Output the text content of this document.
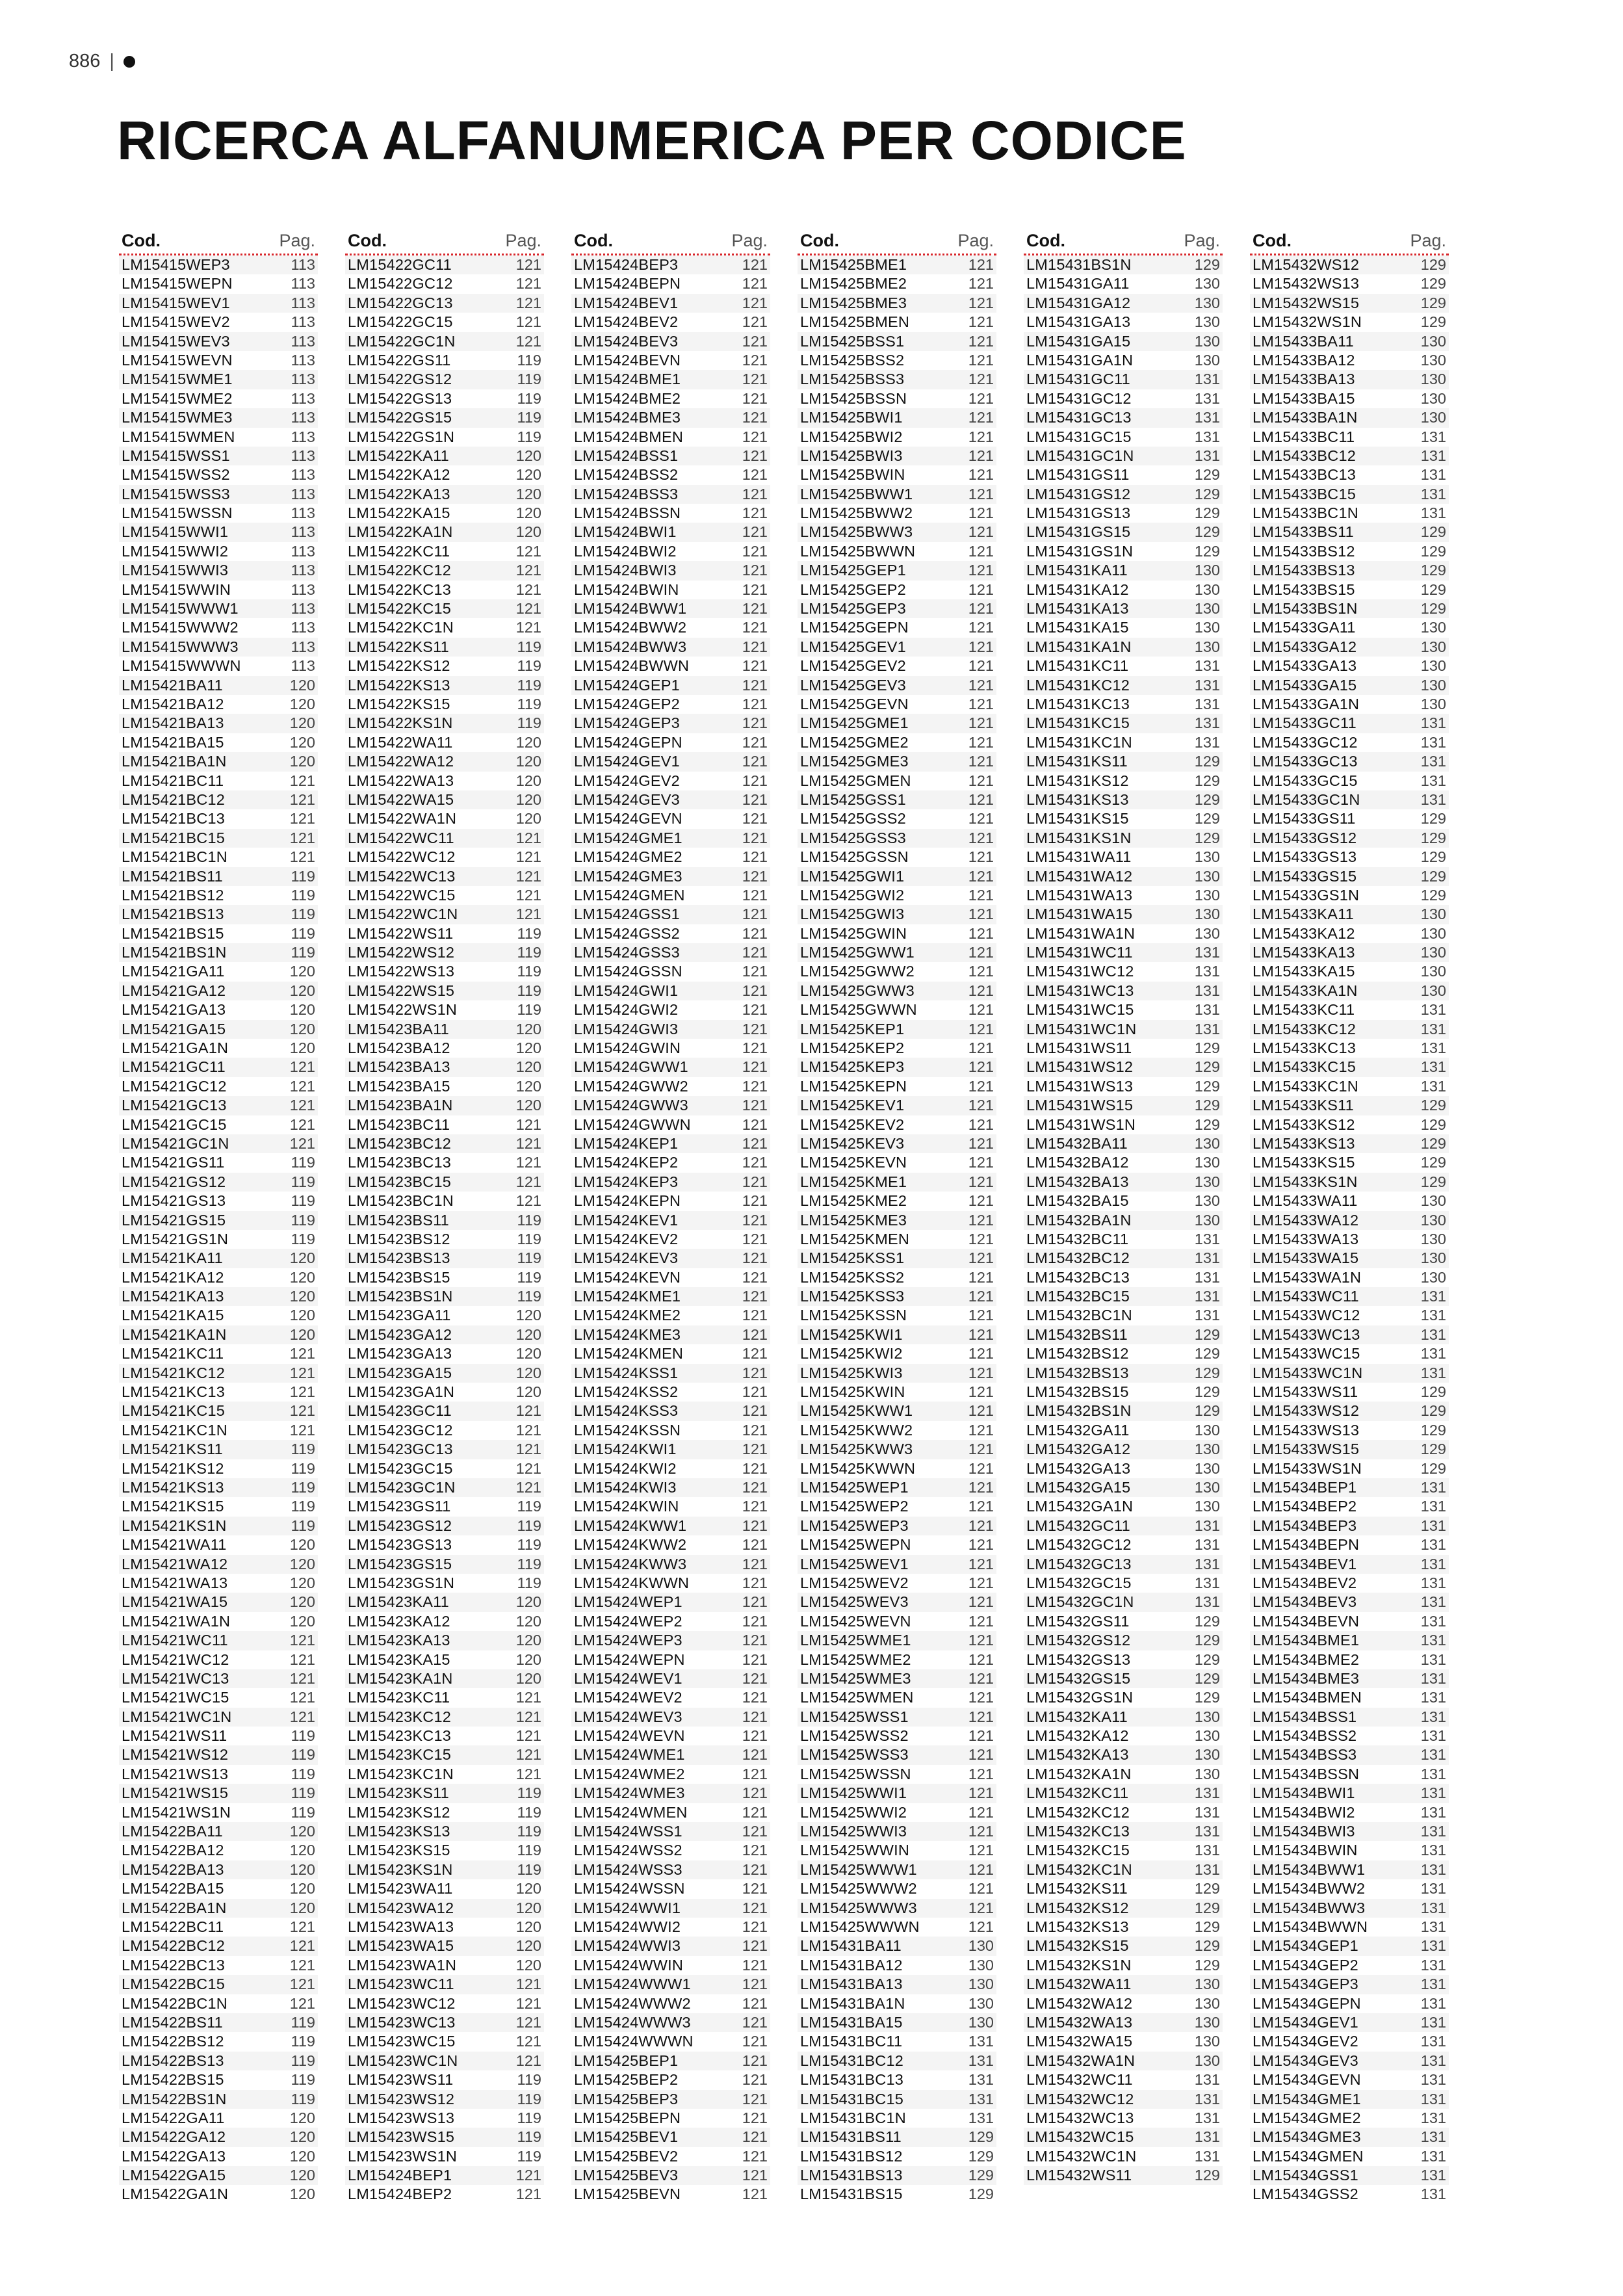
886 |
RICERCA ALFANUMERICA PER CODICE
Cod.	Pag.
LM15415WEP3	113
LM15415WEPN	113
LM15415WEV1	113
LM15415WEV2	113
LM15415WEV3	113
LM15415WEVN	113
LM15415WME1	113
LM15415WME2	113
LM15415WME3	113
LM15415WMEN	113
LM15415WSS1	113
LM15415WSS2	113
LM15415WSS3	113
LM15415WSSN	113
LM15415WWI1	113
LM15415WWI2	113
LM15415WWI3	113
LM15415WWIN	113
LM15415WWW1	113
LM15415WWW2	113
LM15415WWW3	113
LM15415WWWN	113
LM15421BA11	120
LM15421BA12	120
LM15421BA13	120
LM15421BA15	120
LM15421BA1N	120
LM15421BC11	121
LM15421BC12	121
LM15421BC13	121
LM15421BC15	121
LM15421BC1N	121
LM15421BS11	119
LM15421BS12	119
LM15421BS13	119
LM15421BS15	119
LM15421BS1N	119
LM15421GA11	120
LM15421GA12	120
LM15421GA13	120
LM15421GA15	120
LM15421GA1N	120
LM15421GC11	121
LM15421GC12	121
LM15421GC13	121
LM15421GC15	121
LM15421GC1N	121
LM15421GS11	119
LM15421GS12	119
LM15421GS13	119
LM15421GS15	119
LM15421GS1N	119
LM15421KA11	120
LM15421KA12	120
LM15421KA13	120
LM15421KA15	120
LM15421KA1N	120
LM15421KC11	121
LM15421KC12	121
LM15421KC13	121
LM15421KC15	121
LM15421KC1N	121
LM15421KS11	119
LM15421KS12	119
LM15421KS13	119
LM15421KS15	119
LM15421KS1N	119
LM15421WA11	120
LM15421WA12	120
LM15421WA13	120
LM15421WA15	120
LM15421WA1N	120
LM15421WC11	121
LM15421WC12	121
LM15421WC13	121
LM15421WC15	121
LM15421WC1N	121
LM15421WS11	119
LM15421WS12	119
LM15421WS13	119
LM15421WS15	119
LM15421WS1N	119
LM15422BA11	120
LM15422BA12	120
LM15422BA13	120
LM15422BA15	120
LM15422BA1N	120
LM15422BC11	121
LM15422BC12	121
LM15422BC13	121
LM15422BC15	121
LM15422BC1N	121
LM15422BS11	119
LM15422BS12	119
LM15422BS13	119
LM15422BS15	119
LM15422BS1N	119
LM15422GA11	120
LM15422GA12	120
LM15422GA13	120
LM15422GA15	120
LM15422GA1N	120
Cod.	Pag.
LM15422GC11	121
LM15422GC12	121
LM15422GC13	121
LM15422GC15	121
LM15422GC1N	121
LM15422GS11	119
LM15422GS12	119
LM15422GS13	119
LM15422GS15	119
LM15422GS1N	119
LM15422KA11	120
LM15422KA12	120
LM15422KA13	120
LM15422KA15	120
LM15422KA1N	120
LM15422KC11	121
LM15422KC12	121
LM15422KC13	121
LM15422KC15	121
LM15422KC1N	121
LM15422KS11	119
LM15422KS12	119
LM15422KS13	119
LM15422KS15	119
LM15422KS1N	119
LM15422WA11	120
LM15422WA12	120
LM15422WA13	120
LM15422WA15	120
LM15422WA1N	120
LM15422WC11	121
LM15422WC12	121
LM15422WC13	121
LM15422WC15	121
LM15422WC1N	121
LM15422WS11	119
LM15422WS12	119
LM15422WS13	119
LM15422WS15	119
LM15422WS1N	119
LM15423BA11	120
LM15423BA12	120
LM15423BA13	120
LM15423BA15	120
LM15423BA1N	120
LM15423BC11	121
LM15423BC12	121
LM15423BC13	121
LM15423BC15	121
LM15423BC1N	121
LM15423BS11	119
LM15423BS12	119
LM15423BS13	119
LM15423BS15	119
LM15423BS1N	119
LM15423GA11	120
LM15423GA12	120
LM15423GA13	120
LM15423GA15	120
LM15423GA1N	120
LM15423GC11	121
LM15423GC12	121
LM15423GC13	121
LM15423GC15	121
LM15423GC1N	121
LM15423GS11	119
LM15423GS12	119
LM15423GS13	119
LM15423GS15	119
LM15423GS1N	119
LM15423KA11	120
LM15423KA12	120
LM15423KA13	120
LM15423KA15	120
LM15423KA1N	120
LM15423KC11	121
LM15423KC12	121
LM15423KC13	121
LM15423KC15	121
LM15423KC1N	121
LM15423KS11	119
LM15423KS12	119
LM15423KS13	119
LM15423KS15	119
LM15423KS1N	119
LM15423WA11	120
LM15423WA12	120
LM15423WA13	120
LM15423WA15	120
LM15423WA1N	120
LM15423WC11	121
LM15423WC12	121
LM15423WC13	121
LM15423WC15	121
LM15423WC1N	121
LM15423WS11	119
LM15423WS12	119
LM15423WS13	119
LM15423WS15	119
LM15423WS1N	119
LM15424BEP1	121
LM15424BEP2	121
Cod.	Pag.
LM15424BEP3	121
LM15424BEPN	121
LM15424BEV1	121
LM15424BEV2	121
LM15424BEV3	121
LM15424BEVN	121
LM15424BME1	121
LM15424BME2	121
LM15424BME3	121
LM15424BMEN	121
LM15424BSS1	121
LM15424BSS2	121
LM15424BSS3	121
LM15424BSSN	121
LM15424BWI1	121
LM15424BWI2	121
LM15424BWI3	121
LM15424BWIN	121
LM15424BWW1	121
LM15424BWW2	121
LM15424BWW3	121
LM15424BWWN	121
LM15424GEP1	121
LM15424GEP2	121
LM15424GEP3	121
LM15424GEPN	121
LM15424GEV1	121
LM15424GEV2	121
LM15424GEV3	121
LM15424GEVN	121
LM15424GME1	121
LM15424GME2	121
LM15424GME3	121
LM15424GMEN	121
LM15424GSS1	121
LM15424GSS2	121
LM15424GSS3	121
LM15424GSSN	121
LM15424GWI1	121
LM15424GWI2	121
LM15424GWI3	121
LM15424GWIN	121
LM15424GWW1	121
LM15424GWW2	121
LM15424GWW3	121
LM15424GWWN	121
LM15424KEP1	121
LM15424KEP2	121
LM15424KEP3	121
LM15424KEPN	121
LM15424KEV1	121
LM15424KEV2	121
LM15424KEV3	121
LM15424KEVN	121
LM15424KME1	121
LM15424KME2	121
LM15424KME3	121
LM15424KMEN	121
LM15424KSS1	121
LM15424KSS2	121
LM15424KSS3	121
LM15424KSSN	121
LM15424KWI1	121
LM15424KWI2	121
LM15424KWI3	121
LM15424KWIN	121
LM15424KWW1	121
LM15424KWW2	121
LM15424KWW3	121
LM15424KWWN	121
LM15424WEP1	121
LM15424WEP2	121
LM15424WEP3	121
LM15424WEPN	121
LM15424WEV1	121
LM15424WEV2	121
LM15424WEV3	121
LM15424WEVN	121
LM15424WME1	121
LM15424WME2	121
LM15424WME3	121
LM15424WMEN	121
LM15424WSS1	121
LM15424WSS2	121
LM15424WSS3	121
LM15424WSSN	121
LM15424WWI1	121
LM15424WWI2	121
LM15424WWI3	121
LM15424WWIN	121
LM15424WWW1	121
LM15424WWW2	121
LM15424WWW3	121
LM15424WWWN	121
LM15425BEP1	121
LM15425BEP2	121
LM15425BEP3	121
LM15425BEPN	121
LM15425BEV1	121
LM15425BEV2	121
LM15425BEV3	121
LM15425BEVN	121
Cod.	Pag.
LM15425BME1	121
LM15425BME2	121
LM15425BME3	121
LM15425BMEN	121
LM15425BSS1	121
LM15425BSS2	121
LM15425BSS3	121
LM15425BSSN	121
LM15425BWI1	121
LM15425BWI2	121
LM15425BWI3	121
LM15425BWIN	121
LM15425BWW1	121
LM15425BWW2	121
LM15425BWW3	121
LM15425BWWN	121
LM15425GEP1	121
LM15425GEP2	121
LM15425GEP3	121
LM15425GEPN	121
LM15425GEV1	121
LM15425GEV2	121
LM15425GEV3	121
LM15425GEVN	121
LM15425GME1	121
LM15425GME2	121
LM15425GME3	121
LM15425GMEN	121
LM15425GSS1	121
LM15425GSS2	121
LM15425GSS3	121
LM15425GSSN	121
LM15425GWI1	121
LM15425GWI2	121
LM15425GWI3	121
LM15425GWIN	121
LM15425GWW1	121
LM15425GWW2	121
LM15425GWW3	121
LM15425GWWN	121
LM15425KEP1	121
LM15425KEP2	121
LM15425KEP3	121
LM15425KEPN	121
LM15425KEV1	121
LM15425KEV2	121
LM15425KEV3	121
LM15425KEVN	121
LM15425KME1	121
LM15425KME2	121
LM15425KME3	121
LM15425KMEN	121
LM15425KSS1	121
LM15425KSS2	121
LM15425KSS3	121
LM15425KSSN	121
LM15425KWI1	121
LM15425KWI2	121
LM15425KWI3	121
LM15425KWIN	121
LM15425KWW1	121
LM15425KWW2	121
LM15425KWW3	121
LM15425KWWN	121
LM15425WEP1	121
LM15425WEP2	121
LM15425WEP3	121
LM15425WEPN	121
LM15425WEV1	121
LM15425WEV2	121
LM15425WEV3	121
LM15425WEVN	121
LM15425WME1	121
LM15425WME2	121
LM15425WME3	121
LM15425WMEN	121
LM15425WSS1	121
LM15425WSS2	121
LM15425WSS3	121
LM15425WSSN	121
LM15425WWI1	121
LM15425WWI2	121
LM15425WWI3	121
LM15425WWIN	121
LM15425WWW1	121
LM15425WWW2	121
LM15425WWW3	121
LM15425WWWN	121
LM15431BA11	130
LM15431BA12	130
LM15431BA13	130
LM15431BA1N	130
LM15431BA15	130
LM15431BC11	131
LM15431BC12	131
LM15431BC13	131
LM15431BC15	131
LM15431BC1N	131
LM15431BS11	129
LM15431BS12	129
LM15431BS13	129
LM15431BS15	129
Cod.	Pag.
LM15431BS1N	129
LM15431GA11	130
LM15431GA12	130
LM15431GA13	130
LM15431GA15	130
LM15431GA1N	130
LM15431GC11	131
LM15431GC12	131
LM15431GC13	131
LM15431GC15	131
LM15431GC1N	131
LM15431GS11	129
LM15431GS12	129
LM15431GS13	129
LM15431GS15	129
LM15431GS1N	129
LM15431KA11	130
LM15431KA12	130
LM15431KA13	130
LM15431KA15	130
LM15431KA1N	130
LM15431KC11	131
LM15431KC12	131
LM15431KC13	131
LM15431KC15	131
LM15431KC1N	131
LM15431KS11	129
LM15431KS12	129
LM15431KS13	129
LM15431KS15	129
LM15431KS1N	129
LM15431WA11	130
LM15431WA12	130
LM15431WA13	130
LM15431WA15	130
LM15431WA1N	130
LM15431WC11	131
LM15431WC12	131
LM15431WC13	131
LM15431WC15	131
LM15431WC1N	131
LM15431WS11	129
LM15431WS12	129
LM15431WS13	129
LM15431WS15	129
LM15431WS1N	129
LM15432BA11	130
LM15432BA12	130
LM15432BA13	130
LM15432BA15	130
LM15432BA1N	130
LM15432BC11	131
LM15432BC12	131
LM15432BC13	131
LM15432BC15	131
LM15432BC1N	131
LM15432BS11	129
LM15432BS12	129
LM15432BS13	129
LM15432BS15	129
LM15432BS1N	129
LM15432GA11	130
LM15432GA12	130
LM15432GA13	130
LM15432GA15	130
LM15432GA1N	130
LM15432GC11	131
LM15432GC12	131
LM15432GC13	131
LM15432GC15	131
LM15432GC1N	131
LM15432GS11	129
LM15432GS12	129
LM15432GS13	129
LM15432GS15	129
LM15432GS1N	129
LM15432KA11	130
LM15432KA12	130
LM15432KA13	130
LM15432KA1N	130
LM15432KC11	131
LM15432KC12	131
LM15432KC13	131
LM15432KC15	131
LM15432KC1N	131
LM15432KS11	129
LM15432KS12	129
LM15432KS13	129
LM15432KS15	129
LM15432KS1N	129
LM15432WA11	130
LM15432WA12	130
LM15432WA13	130
LM15432WA15	130
LM15432WA1N	130
LM15432WC11	131
LM15432WC12	131
LM15432WC13	131
LM15432WC15	131
LM15432WC1N	131
LM15432WS11	129
Cod.	Pag.
LM15432WS12	129
LM15432WS13	129
LM15432WS15	129
LM15432WS1N	129
LM15433BA11	130
LM15433BA12	130
LM15433BA13	130
LM15433BA15	130
LM15433BA1N	130
LM15433BC11	131
LM15433BC12	131
LM15433BC13	131
LM15433BC15	131
LM15433BC1N	131
LM15433BS11	129
LM15433BS12	129
LM15433BS13	129
LM15433BS15	129
LM15433BS1N	129
LM15433GA11	130
LM15433GA12	130
LM15433GA13	130
LM15433GA15	130
LM15433GA1N	130
LM15433GC11	131
LM15433GC12	131
LM15433GC13	131
LM15433GC15	131
LM15433GC1N	131
LM15433GS11	129
LM15433GS12	129
LM15433GS13	129
LM15433GS15	129
LM15433GS1N	129
LM15433KA11	130
LM15433KA12	130
LM15433KA13	130
LM15433KA15	130
LM15433KA1N	130
LM15433KC11	131
LM15433KC12	131
LM15433KC13	131
LM15433KC15	131
LM15433KC1N	131
LM15433KS11	129
LM15433KS12	129
LM15433KS13	129
LM15433KS15	129
LM15433KS1N	129
LM15433WA11	130
LM15433WA12	130
LM15433WA13	130
LM15433WA15	130
LM15433WA1N	130
LM15433WC11	131
LM15433WC12	131
LM15433WC13	131
LM15433WC15	131
LM15433WC1N	131
LM15433WS11	129
LM15433WS12	129
LM15433WS13	129
LM15433WS15	129
LM15433WS1N	129
LM15434BEP1	131
LM15434BEP2	131
LM15434BEP3	131
LM15434BEPN	131
LM15434BEV1	131
LM15434BEV2	131
LM15434BEV3	131
LM15434BEVN	131
LM15434BME1	131
LM15434BME2	131
LM15434BME3	131
LM15434BMEN	131
LM15434BSS1	131
LM15434BSS2	131
LM15434BSS3	131
LM15434BSSN	131
LM15434BWI1	131
LM15434BWI2	131
LM15434BWI3	131
LM15434BWIN	131
LM15434BWW1	131
LM15434BWW2	131
LM15434BWW3	131
LM15434BWWN	131
LM15434GEP1	131
LM15434GEP2	131
LM15434GEP3	131
LM15434GEPN	131
LM15434GEV1	131
LM15434GEV2	131
LM15434GEV3	131
LM15434GEVN	131
LM15434GME1	131
LM15434GME2	131
LM15434GME3	131
LM15434GMEN	131
LM15434GSS1	131
LM15434GSS2	131
